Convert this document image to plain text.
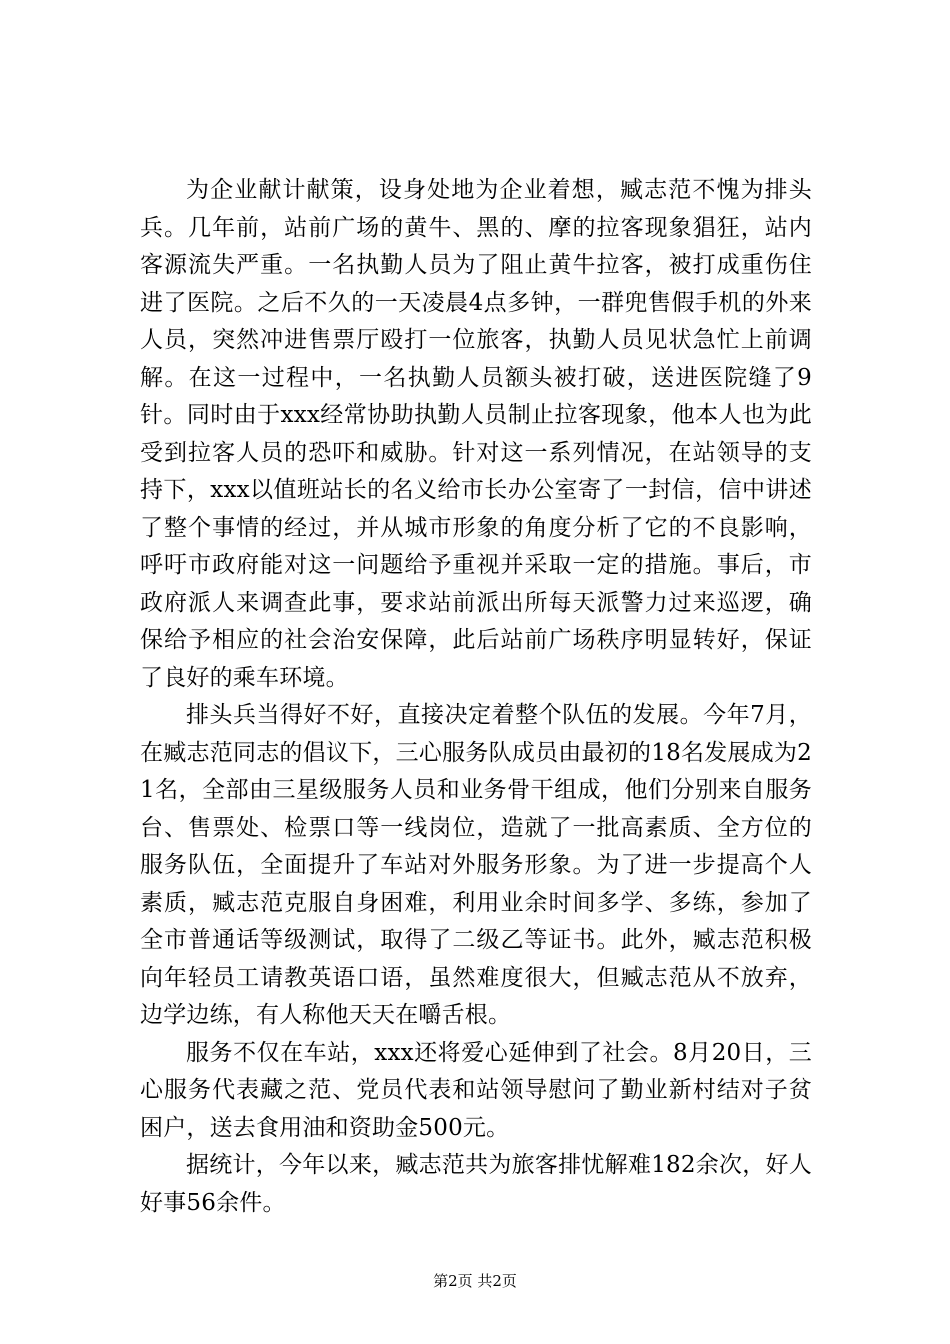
为企业献计献策，设身处地为企业着想，臧志范不愧为排头兵。几年前，站前广场的黄牛、黑的、摩的拉客现象猖狂，站内客源流失严重。一名执勤人员为了阻止黄牛拉客，被打成重伤住进了医院。之后不久的一天凌晨4点多钟，一群兜售假手机的外来人员，突然冲进售票厅殴打一位旅客，执勤人员见状急忙上前调解。在这一过程中，一名执勤人员额头被打破，送进医院缝了9针。同时由于xxx经常协助执勤人员制止拉客现象，他本人也为此受到拉客人员的恐吓和威胁。针对这一系列情况，在站领导的支持下，xxx以值班站长的名义给市长办公室寄了一封信，信中讲述了整个事情的经过，并从城市形象的角度分析了它的不良影响，呼吁市政府能对这一问题给予重视并采取一定的措施。事后，市政府派人来调查此事，要求站前派出所每天派警力过来巡逻，确保给予相应的社会治安保障，此后站前广场秩序明显转好，保证了良好的乘车环境。

排头兵当得好不好，直接决定着整个队伍的发展。今年7月，在臧志范同志的倡议下，三心服务队成员由最初的18名发展成为21名，全部由三星级服务人员和业务骨干组成，他们分别来自服务台、售票处、检票口等一线岗位，造就了一批高素质、全方位的服务队伍，全面提升了车站对外服务形象。为了进一步提高个人素质，臧志范克服自身困难，利用业余时间多学、多练，参加了全市普通话等级测试，取得了二级乙等证书。此外，臧志范积极向年轻员工请教英语口语，虽然难度很大，但臧志范从不放弃，边学边练，有人称他天天在嚼舌根。

服务不仅在车站，xxx还将爱心延伸到了社会。8月20日，三心服务代表藏之范、党员代表和站领导慰问了勤业新村结对子贫困户，送去食用油和资助金500元。

据统计，今年以来，臧志范共为旅客排忧解难182余次，好人好事56余件。

第2页 共2页
